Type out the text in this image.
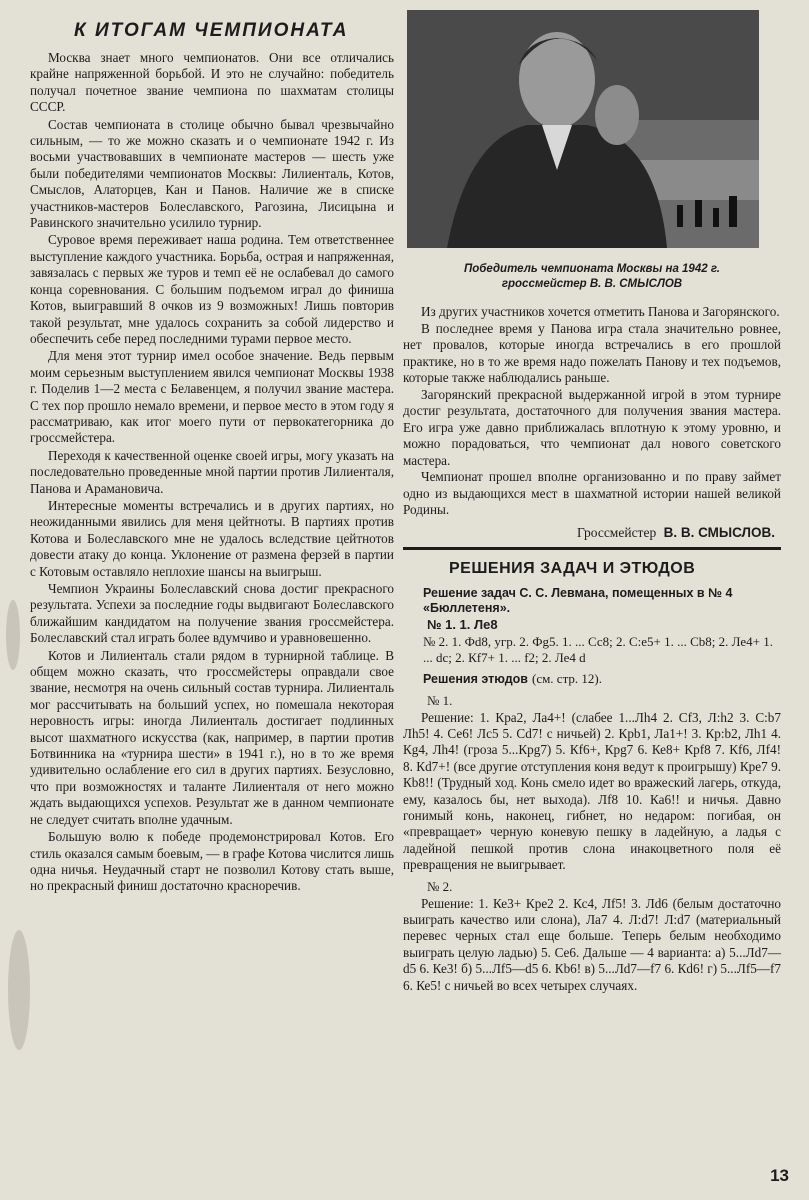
К ИТОГАМ ЧЕМПИОНАТА

Москва знает много чемпионатов. Они все отличались крайне напряженной борьбой. И это не случайно: победитель получал почетное звание чемпиона по шахматам столицы СССР.

Состав чемпионата в столице обычно бывал чрезвычайно сильным, — то же можно сказать и о чемпионате 1942 г. Из восьми участвовавших в чемпионате мастеров — шесть уже были победителями чемпионатов Москвы: Лилиенталь, Котов, Смыслов, Алаторцев, Кан и Панов. Наличие же в списке участников-мастеров Болеславского, Рагозина, Лисицына и Равинского значительно усилило турнир.

Суровое время переживает наша родина. Тем ответственнее выступление каждого участника. Борьба, острая и напряженная, завязалась с первых же туров и темп её не ослабевал до самого конца соревнования. С большим подъемом играл до финиша Котов, выигравший 8 очков из 9 возможных! Лишь повторив такой результат, мне удалось сохранить за собой лидерство и обеспечить себе перед последними турами первое место.

Для меня этот турнир имел особое значение. Ведь первым моим серьезным выступлением явился чемпионат Москвы 1938 г. Поделив 1—2 места с Белавенцем, я получил звание мастера. С тех пор прошло немало времени, и первое место в этом году я рассматриваю, как итог моего пути от первокатегорника до гроссмейстера.

Переходя к качественной оценке своей игры, могу указать на последовательно проведенные мной партии против Лилиенталя, Панова и Арамановича.

Интересные моменты встречались и в других партиях, но неожиданными явились для меня цейтноты. В партиях против Котова и Болеславского мне не удалось вследствие цейтнотов довести атаку до конца. Уклонение от размена ферзей в партии с Котовым оставляло неплохие шансы на выигрыш.

Чемпион Украины Болеславский снова достиг прекрасного результата. Успехи за последние годы выдвигают Болеславского ближайшим кандидатом на получение звания гроссмейстера. Болеславский стал играть более вдумчиво и уравновешенно.

Котов и Лилиенталь стали рядом в турнирной таблице. В общем можно сказать, что гроссмейстеры оправдали свое звание, несмотря на очень сильный состав турнира. Лилиенталь мог рассчитывать на больший успех, но помешала некоторая неровность игры: иногда Лилиенталь достигает подлинных высот шахматного искусства (как, например, в партии против Ботвинника на «турнира шести» в 1941 г.), но в то же время удивительно ослабление его сил в других партиях. Безусловно, что при возможностях и таланте Лилиенталя от него можно ждать выдающихся успехов. Результат же в данном чемпионате не следует считать вполне удачным.

Большую волю к победе продемонстрировал Котов. Его стиль оказался самым боевым, — в графе Котова числится лишь одна ничья. Неудачный старт не позволил Котову стать выше, но прекрасный финиш достаточно красноречив.

Победитель чемпионата Москвы на 1942 г.
гроссмейстер В. В. СМЫСЛОВ

Из других участников хочется отметить Панова и Загорянского.

В последнее время у Панова игра стала значительно ровнее, нет провалов, которые иногда встречались в его прошлой практике, но в то же время надо пожелать Панову и тех подъемов, которые также наблюдались раньше.

Загорянский прекрасной выдержанной игрой в этом турнире достиг результата, достаточного для получения звания мастера. Его игра уже давно приближалась вплотную к этому уровню, и можно порадоваться, что чемпионат дал нового советского мастера.

Чемпионат прошел вполне организованно и по праву займет одно из выдающихся мест в шахматной истории нашей великой Родины.

Гроссмейстер В. В. СМЫСЛОВ.
РЕШЕНИЯ ЗАДАЧ И ЭТЮДОВ
Решение задач С. С. Левмана, помещенных в № 4 «Бюллетеня».
№ 1. 1. Ле8
№ 2. 1. Фd8, угр. 2. Фg5. 1. ... Сс8; 2. С:е5+ 1. ... Сb8; 2. Ле4+ 1. ... dc; 2. Кf7+ 1. ... f2; 2. Ле4 d
Решения этюдов (см. стр. 12).
№ 1.

Решение: 1. Кра2, Ла4+! (слабее 1...Лh4 2. Сf3, Л:h2 3. С:b7 Лh5! 4. Се6! Лс5 5. Сd7! с ничьей) 2. Крb1, Ла1+! 3. Кр:b2, Лh1 4. Кg4, Лh4! (гроза 5...Крg7) 5. Кf6+, Крg7 6. Ке8+ Крf8 7. Кf6, Лf4! 8. Кd7+! (все другие отступления коня ведут к проигрышу) Крe7 9. Кb8!! (Трудный ход. Конь смело идет во вражеский лагерь, откуда, ему, казалось бы, нет выхода). Лf8 10. Ка6!! и ничья. Давно гонимый конь, наконец, гибнет, но недаром: погибая, он «превращает» черную коневую пешку в ладейную, а ладья с ладейной пешкой против слона инакоцветного поля её превращения не выигрывает.

№ 2.

Решение: 1. Ке3+ Кре2 2. Кс4, Лf5! 3. Лd6 (белым достаточно выиграть качество или слона), Ла7 4. Л:d7! Л:d7 (материальный перевес черных стал еще больше. Теперь белым необходимо выиграть целую ладью) 5. Се6. Дальше — 4 варианта: а) 5...Лd7—d5 6. Ке3! б) 5...Лf5—d5 6. Кb6! в) 5...Лd7—f7 6. Кd6! г) 5...Лf5—f7 6. Ке5! с ничьей во всех четырех случаях.

13
